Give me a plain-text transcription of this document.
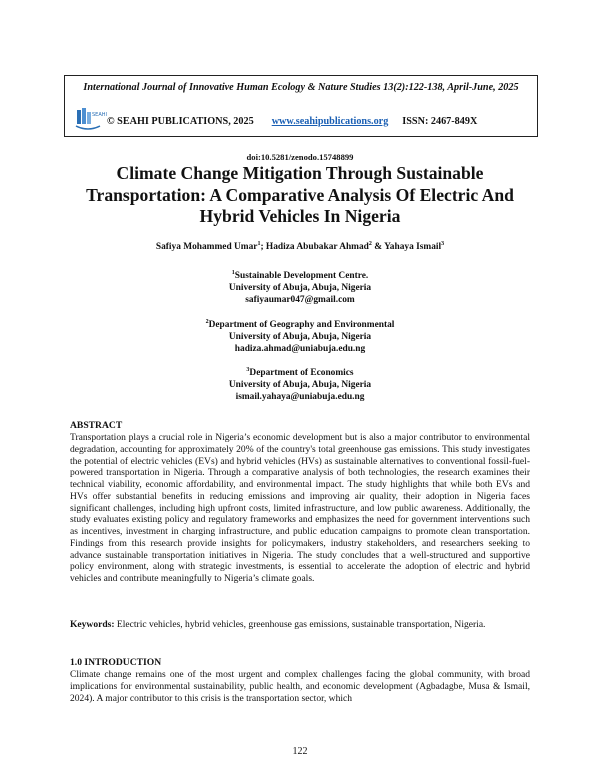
International Journal of Innovative Human Ecology & Nature Studies 13(2):122-138, April-June, 2025
SEAHI
© SEAHI PUBLICATIONS, 2025 www.seahipublications.org ISSN: 2467-849X
doi:10.5281/zenodo.15748899
Climate Change Mitigation Through Sustainable Transportation: A Comparative Analysis Of Electric And Hybrid Vehicles In Nigeria
Safiya Mohammed Umar$^1$; Hadiza Abubakar Ahmad$^2$ & Yahaya Ismail$^3$
$^1$Sustainable Development Centre.
University of Abuja, Abuja, Nigeria
safiyaumar047@gmail.com
$^2$Department of Geography and Environmental
University of Abuja, Abuja, Nigeria
hadiza.ahmad@uniabuja.edu.ng
$^3$Department of Economics
University of Abuja, Abuja, Nigeria
ismail.yahaya@uniabuja.edu.ng
ABSTRACT

Transportation plays a crucial role in Nigeria’s economic development but is also a major contributor to environmental degradation, accounting for approximately 20% of the country's total greenhouse gas emissions. This study investigates the potential of electric vehicles (EVs) and hybrid vehicles (HVs) as sustainable alternatives to conventional fossil-fuel-powered transportation in Nigeria. Through a comparative analysis of both technologies, the research examines their technical viability, economic affordability, and environmental impact. The study highlights that while both EVs and HVs offer substantial benefits in reducing emissions and improving air quality, their adoption in Nigeria faces significant challenges, including high upfront costs, limited infrastructure, and low public awareness. Additionally, the study evaluates existing policy and regulatory frameworks and emphasizes the need for government interventions such as incentives, investment in charging infrastructure, and public education campaigns to promote clean transportation. Findings from this research provide insights for policymakers, industry stakeholders, and researchers seeking to advance sustainable transportation initiatives in Nigeria. The study concludes that a well-structured and supportive policy environment, along with strategic investments, is essential to accelerate the adoption of electric and hybrid vehicles and contribute meaningfully to Nigeria’s climate goals.

Keywords: Electric vehicles, hybrid vehicles, greenhouse gas emissions, sustainable transportation, Nigeria.

1.0 INTRODUCTION

Climate change remains one of the most urgent and complex challenges facing the global community, with broad implications for environmental sustainability, public health, and economic development (Agbadagbe, Musa & Ismail, 2024). A major contributor to this crisis is the transportation sector, which

122
